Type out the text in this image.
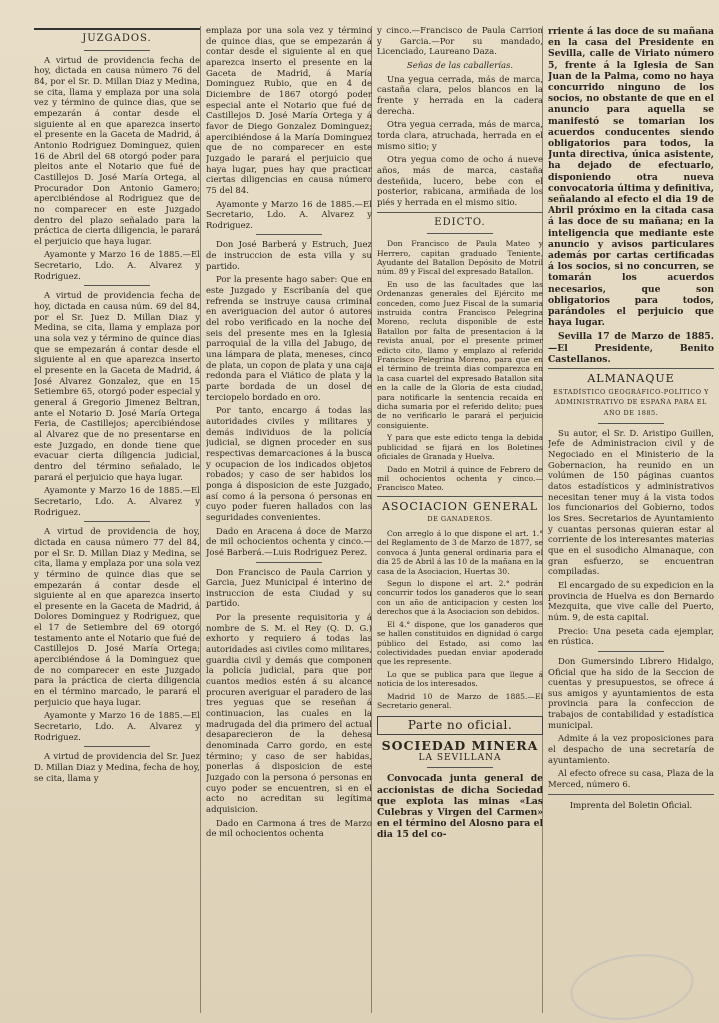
JUZGADOS.

A virtud de providencia fecha de hoy, dictada en causa número 76 del 84, por el Sr. D. Millan Diaz y Medina, se cita, llama y emplaza por una sola vez y término de quince dias, que se empezarán á contar desde el siguiente al en que aparezca inserto el presente en la Gaceta de Madrid, á Antonio Rodriguez Dominguez, quien 16 de Abril del 68 otorgó poder para pleitos ante el Notario que fué de Castillejos D. José María Ortega, al Procurador Don Antonio Gamero; apercibiéndose al Rodriguez que de no comparecer en este Juzgado dentro del plazo señalado para la práctica de cierta diligencia, le parará el perjuicio que haya lugar.

Ayamonte y Marzo 16 de 1885.—El Secretario, Ldo. A. Alvarez y Rodriguez.

A virtud de providencia fecha de hoy, dictada en causa núm. 69 del 84, por el Sr. Juez D. Millan Diaz y Medina, se cita, llama y emplaza por una sola vez y término de quince dias que se empezarán á contar desde el siguiente al en que aparezca inserto el presente en la Gaceta de Madrid, á José Alvarez Gonzalez, que en 15 Setiembre 65, otorgó poder especial y general á Gregorio Jimenez Beltran, ante el Notario D. José María Ortega Feria, de Castillejos; apercibiéndose al Alvarez que de no presentarse en este Juzgado, en donde tiene que evacuar cierta diligencia judicial, dentro del término señalado, le parará el perjuicio que haya lugar.

Ayamonte y Marzo 16 de 1885.—El Secretario, Ldo. A. Alvarez y Rodriguez.

A virtud de providencia de hoy, dictada en causa número 77 del 84, por el Sr. D. Millan Diaz y Medina, se cita, llama y emplaza por una sola vez y término de quince dias que se empezarán á contar desde el siguiente al en que aparezca inserto el presente en la Gaceta de Madrid, á Dolores Dominguez y Rodriguez, que el 17 de Setiembre del 69 otorgó testamento ante el Notario que fué de Castillejos D. José María Ortega; apercibiéndose á la Dominguez que de no comparecer en este Juzgado para la práctica de cierta diligencia en el término marcado, le parará el perjuicio que haya lugar.

Ayamonte y Marzo 16 de 1885.—El Secretario, Ldo. A. Alvarez y Rodriguez.

A virtud de providencia del Sr. Juez D. Millan Diaz y Medina, fecha de hoy, se cita, llama y

emplaza por una sola vez y término de quince dias, que se empezarán á contar desde el siguiente al en que aparezca inserto el presente en la Gaceta de Madrid, á María Dominguez Rubio, que en 4 de Diciembre de 1867 otorgó poder especial ante el Notario que fué de Castillejos D. José María Ortega y á favor de Diego Gonzalez Dominguez; apercibiéndose á la María Dominguez que de no comparecer en este Juzgado le parará el perjuicio que haya lugar, pues hay que practicar ciertas diligencias en causa número 75 del 84.

Ayamonte y Marzo 16 de 1885.—El Secretario, Ldo. A. Alvarez y Rodriguez.

Don José Barberá y Estruch, Juez de instruccion de esta villa y su partido.

Por la presente hago saber: Que en este Juzgado y Escribanía del que refrenda se instruye causa criminal en averiguacion del autor ó autores del robo verificado en la noche del seis del presente mes en la Iglesia parroquial de la villa del Jabugo, de una lámpara de plata, meneses, cinco de plata, un copon de plata y una caja redonda para el Viático de plata y la parte bordada de un dosel de terciopelo bordado en oro.

Por tanto, encargo á todas las autoridades civiles y militares y demás individuos de la policía judicial, se dignen proceder en sus respectivas demarcaciones á la busca y ocupacion de los indicados objetos robados; y caso de ser habidos los ponga á disposicion de este Juzgado, así como á la persona ó personas en cuyo poder fueren hallados con las seguridades convenientes.

Dado en Aracena á doce de Marzo de mil ochocientos ochenta y cinco.—José Barberá.—Luis Rodriguez Perez.

Don Francisco de Paula Carrion y Garcia, Juez Municipal é interino de instruccion de esta Ciudad y su partido.

Por la presente requisitoria y á nombre de S. M. el Rey (Q. D. G.) exhorto y requiero á todas las autoridades asi civiles como militares, guardia civil y demás que componen la policía judicial, para que por cuantos medios estén á su alcance procuren averiguar el paradero de las tres yeguas que se reseñan á continuacion, las cuales en la madrugada del dia primero del actual desaparecieron de la dehesa denominada Carro gordo, en este término; y caso de ser habidas, ponerlas á disposicion de este Juzgado con la persona ó personas en cuyo poder se encuentren, si en el acto no acreditan su legítima adquisicion.

Dado en Carmona á tres de Marzo de mil ochocientos ochenta

y cinco.—Francisco de Paula Carrion y Garcia.—Por su mandado, Licenciado, Laureano Daza.

Señas de las caballerías.

Una yegua cerrada, más de marca, castaña clara, pelos blancos en la frente y herrada en la cadera derecha.

Otra yegua cerrada, más de marca, torda clara, atruchada, herrada en el mismo sitio; y

Otra yegua como de ocho á nueve años, más de marca, castaña desteñida, lucero, bebe con el posterior, rabicana, armiñada de los piés y herrada en el mismo sitio.

EDICTO.

Don Francisco de Paula Mateo y Herrero, capitan graduado Teniente, Ayudante del Batallon Depósito de Motril núm. 89 y Fiscal del expresado Batallon.

En uso de las facultades que las Ordenanzas generales del Ejército me conceden, como Juez Fiscal de la sumaria instruida contra Francisco Pelegrina Moreno, recluta disponible de este Batallon por falta de presentacion á la revista anual, por el presente primer edicto cito, llamo y emplazo al referido Francisco Pelegrina Moreno, para que en el término de treinta dias comparezca en la casa cuartel del expresado Batallon sita en la calle de la Gloria de esta ciudad, para notificarle la sentencia recaida en dicha sumaria por el referido delito; pues de no verificarlo le parará el perjuicio consiguiente.

Y para que este edicto tenga la debida publicidad se fijará en los Boletines oficiales de Granada y Huelva.

Dado en Motril á quince de Febrero de mil ochocientos ochenta y cinco.—Francisco Mateo.

ASOCIACION GENERAL
DE GANADEROS.

Con arreglo á lo que dispone el art. 1.° del Reglamento de 3 de Marzo de 1877, se convoca á Junta general ordinaria para el dia 25 de Abril á las 10 de la mañana en la casa de la Asociacion, Huertas 30.

Segun lo dispone el art. 2.° podrán concurrir todos los ganaderos que lo sean con un año de anticipacion y cesten los derechos que á la Asociacion son debidos.

El 4.° dispone, que los ganaderos que se hallen constituidos en dignidad ó cargo público del Estado, asi como las colectividades puedan enviar apoderado que les represente.

Lo que se publica para que llegue á noticia de los interesados.

Madrid 10 de Marzo de 1885.—El Secretario general.

Parte no oficial.
SOCIEDAD MINERA
LA SEVILLANA

Convocada junta general de accionistas de dicha Sociedad que explota las minas «Las Culebras y Virgen del Carmen» en el término del Alosno para el dia 15 del co-

rriente á las doce de su mañana en la casa del Presidente en Sevilla, calle de Viriato número 5, frente á la Iglesia de San Juan de la Palma, como no haya concurrido ninguno de los socios, no obstante de que en el anuncio para aquella se manifestó se tomarian los acuerdos conducentes siendo obligatorios para todos, la Junta directiva, única asistente, ha dejado de efectuarlo, disponiendo otra nueva convocatoria última y definitiva, señalando al efecto el dia 19 de Abril próximo en la citada casa á las doce de su mañana; en la inteligencia que mediante este anuncio y avisos particulares además por cartas certificadas á los socios, si no concurren, se tomarán los acuerdos necesarios, que son obligatorios para todos, parándoles el perjuicio que haya lugar.

Sevilla 17 de Marzo de 1885.—El Presidente, Benito Castellanos.

ALMANAQUE
ESTADÍSTICO GEOGRÁFICO-POLÍTICO Y ADMINISTRATIVO DE ESPAÑA PARA EL AÑO DE 1885.

Su autor, el Sr. D. Aristipo Guillen, Jefe de Administracion civil y de Negociado en el Ministerio de la Gobernacion, ha reunido en un volúmen de 150 páginas cuantos datos estadísticos y administrativos necesitan tener muy á la vista todos los funcionarios del Gobierno, todos los Sres. Secretarios de Ayuntamiento y cuantas personas quieran estar al corriente de los interesantes materias que en el susodicho Almanaque, con gran esfuerzo, se encuentran compiladas.

El encargado de su expedicion en la provincia de Huelva es don Bernardo Mezquita, que vive calle del Puerto, núm. 9, de esta capital.

Precio: Una peseta cada ejemplar, en rústica.

Don Gumersindo Librero Hidalgo, Oficial que ha sido de la Seccion de cuentas y presupuestos, se ofrece á sus amigos y ayuntamientos de esta provincia para la confeccion de trabajos de contabilidad y estadística municipal.

Admite á la vez proposiciones para el despacho de una secretaría de ayuntamiento.

Al efecto ofrece su casa, Plaza de la Merced, número 6.

Imprenta del Boletin Oficial.
